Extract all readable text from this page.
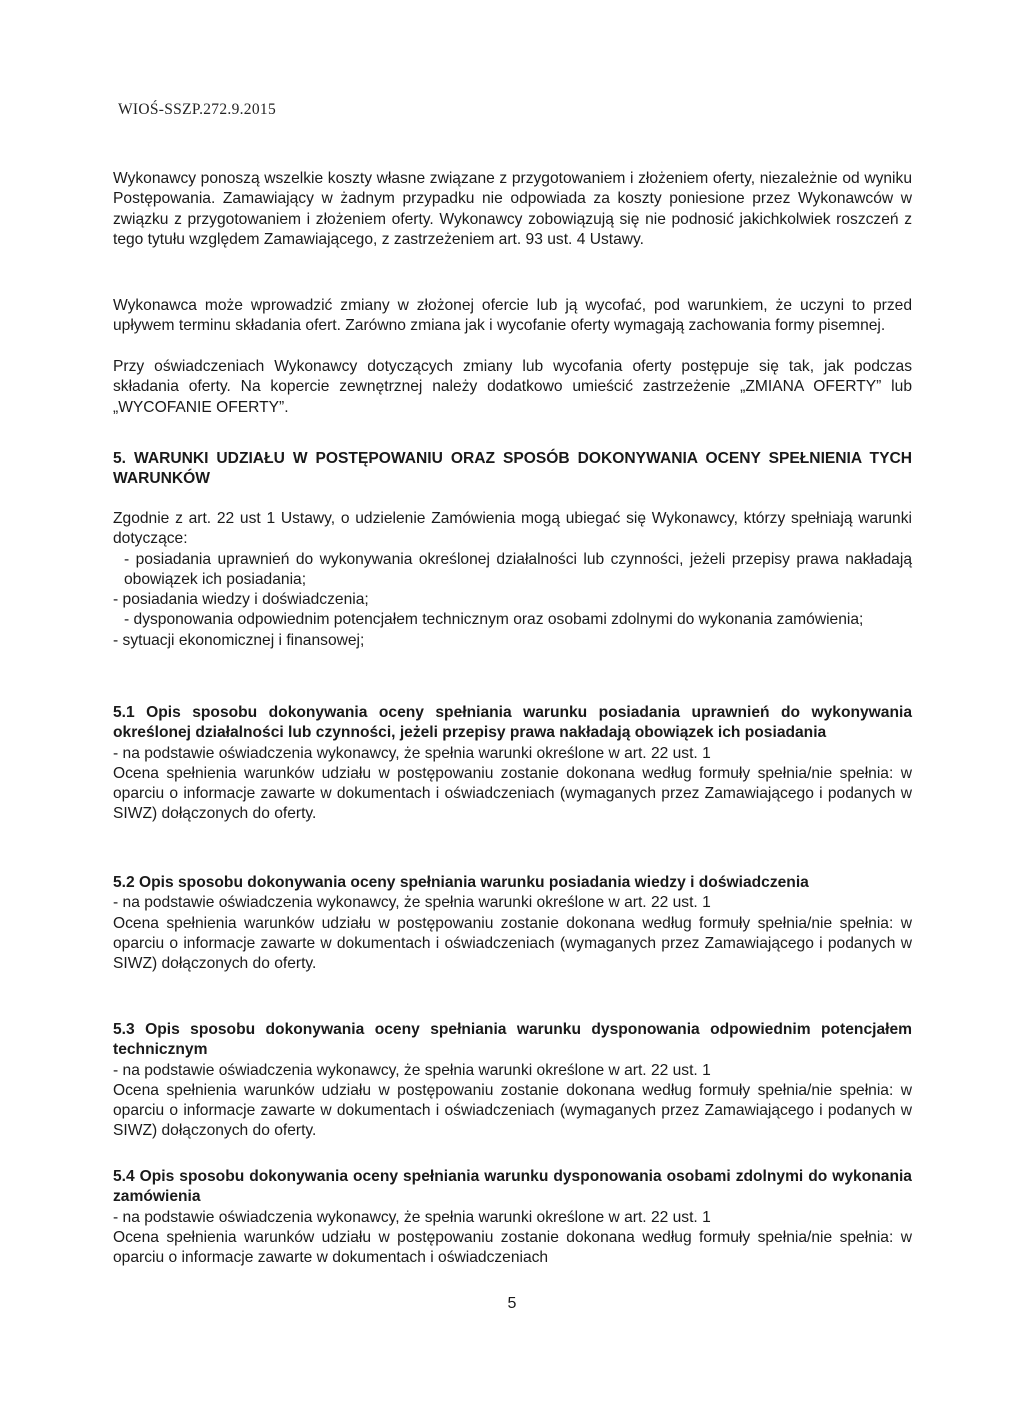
WIOŚ-SSZP.272.9.2015

Wykonawcy ponoszą wszelkie koszty własne związane z przygotowaniem i złożeniem oferty, niezależnie od wyniku Postępowania. Zamawiający w żadnym przypadku nie odpowiada za koszty poniesione przez Wykonawców w związku z przygotowaniem i złożeniem oferty. Wykonawcy zobowiązują się nie podnosić jakichkolwiek roszczeń z tego tytułu względem Zamawiającego, z zastrzeżeniem art. 93 ust. 4 Ustawy.

Wykonawca może wprowadzić zmiany w złożonej ofercie lub ją wycofać, pod warunkiem, że uczyni to przed upływem terminu składania ofert. Zarówno zmiana jak i wycofanie oferty wymagają zachowania formy pisemnej.

Przy oświadczeniach Wykonawcy dotyczących zmiany lub wycofania oferty postępuje się tak, jak podczas składania oferty. Na kopercie zewnętrznej należy dodatkowo umieścić zastrzeżenie „ZMIANA OFERTY” lub „WYCOFANIE OFERTY”.

5. WARUNKI UDZIAŁU W POSTĘPOWANIU ORAZ SPOSÓB DOKONYWANIA OCENY SPEŁNIENIA TYCH WARUNKÓW

Zgodnie z art. 22 ust 1 Ustawy, o udzielenie Zamówienia mogą ubiegać się Wykonawcy, którzy spełniają warunki dotyczące:
- posiadania uprawnień do wykonywania określonej działalności lub czynności, jeżeli przepisy prawa nakładają obowiązek ich posiadania;
- posiadania wiedzy i doświadczenia;
- dysponowania odpowiednim potencjałem technicznym oraz osobami zdolnymi do wykonania zamówienia;
- sytuacji ekonomicznej i finansowej;
5.1 Opis sposobu dokonywania oceny spełniania warunku posiadania uprawnień do wykonywania określonej działalności lub czynności, jeżeli przepisy prawa nakładają obowiązek ich posiadania
- na podstawie oświadczenia wykonawcy, że spełnia warunki określone w art. 22 ust. 1
Ocena spełnienia warunków udziału w postępowaniu zostanie dokonana według formuły spełnia/nie spełnia: w oparciu o informacje zawarte w dokumentach i oświadczeniach (wymaganych przez Zamawiającego i podanych w SIWZ) dołączonych do oferty.
5.2 Opis sposobu dokonywania oceny spełniania warunku posiadania wiedzy i doświadczenia
- na podstawie oświadczenia wykonawcy, że spełnia warunki określone w art. 22 ust. 1
Ocena spełnienia warunków udziału w postępowaniu zostanie dokonana według formuły spełnia/nie spełnia: w oparciu o informacje zawarte w dokumentach i oświadczeniach (wymaganych przez Zamawiającego i podanych w SIWZ) dołączonych do oferty.
5.3 Opis sposobu dokonywania oceny spełniania warunku dysponowania odpowiednim potencjałem technicznym
- na podstawie oświadczenia wykonawcy, że spełnia warunki określone w art. 22 ust. 1
Ocena spełnienia warunków udziału w postępowaniu zostanie dokonana według formuły spełnia/nie spełnia: w oparciu o informacje zawarte w dokumentach i oświadczeniach (wymaganych przez Zamawiającego i podanych w SIWZ) dołączonych do oferty.
5.4 Opis sposobu dokonywania oceny spełniania warunku dysponowania osobami zdolnymi do wykonania zamówienia
- na podstawie oświadczenia wykonawcy, że spełnia warunki określone w art. 22 ust. 1
Ocena spełnienia warunków udziału w postępowaniu zostanie dokonana według formuły spełnia/nie spełnia: w oparciu o informacje zawarte w dokumentach i oświadczeniach
5
